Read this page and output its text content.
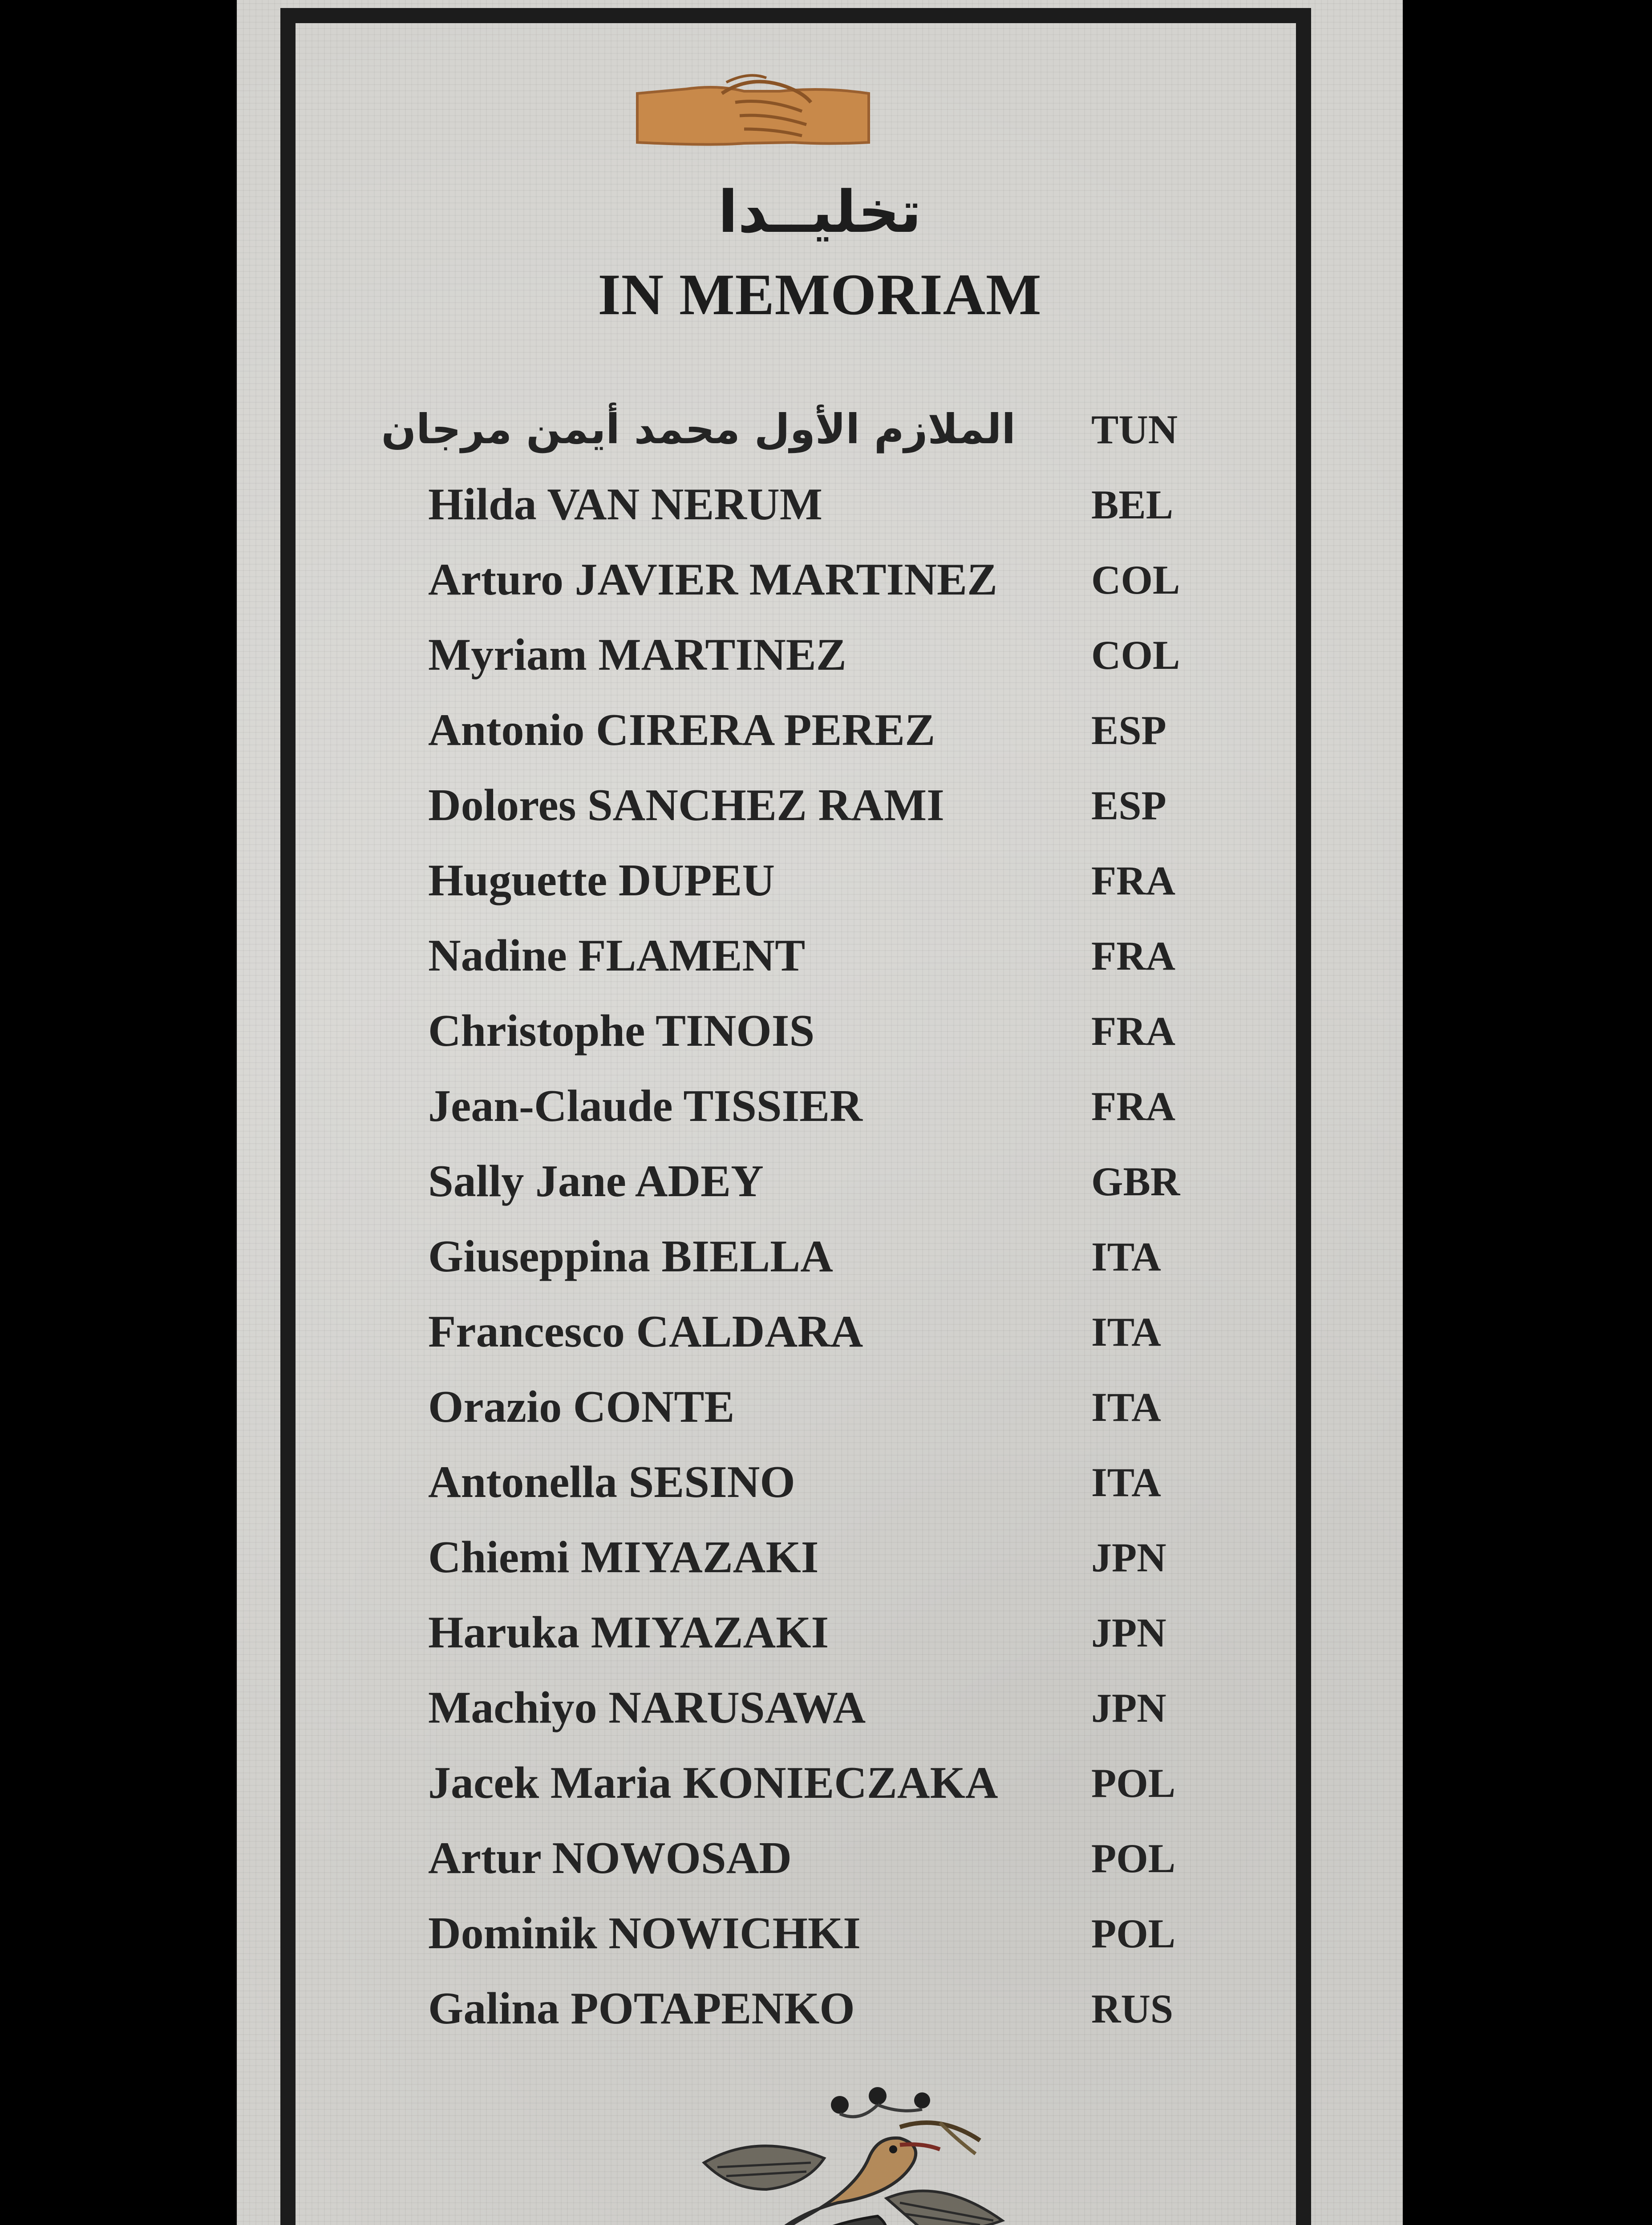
تخليــدا
IN MEMORIAM
الملازم الأول محمد أيمن مرجان TUN
Hilda VAN NERUM	BEL
Arturo JAVIER MARTINEZ COL
Myriam MARTINEZ	COL
Antonio CIRERA PEREZ	ESP
Dolores SANCHEZ RAMI	ESP
Huguette DUPEU	FRA
Nadine FLAMENT	FRA
Christophe TINOIS	FRA
Jean-Claude TISSIER	FRA
Sally Jane ADEY	GBR
Giuseppina BIELLA	ITA
Francesco CALDARA	ITA
Orazio CONTE	ITA
Antonella SESINO	ITA
Chiemi MIYAZAKI	JPN
Haruka MIYAZAKI	JPN
Machiyo NARUSAWA	JPN
Jacek Maria KONIECZAKA POL
Artur NOWOSAD	POL
Dominik NOWICHKI	POL
Galina POTAPENKO	RUS
